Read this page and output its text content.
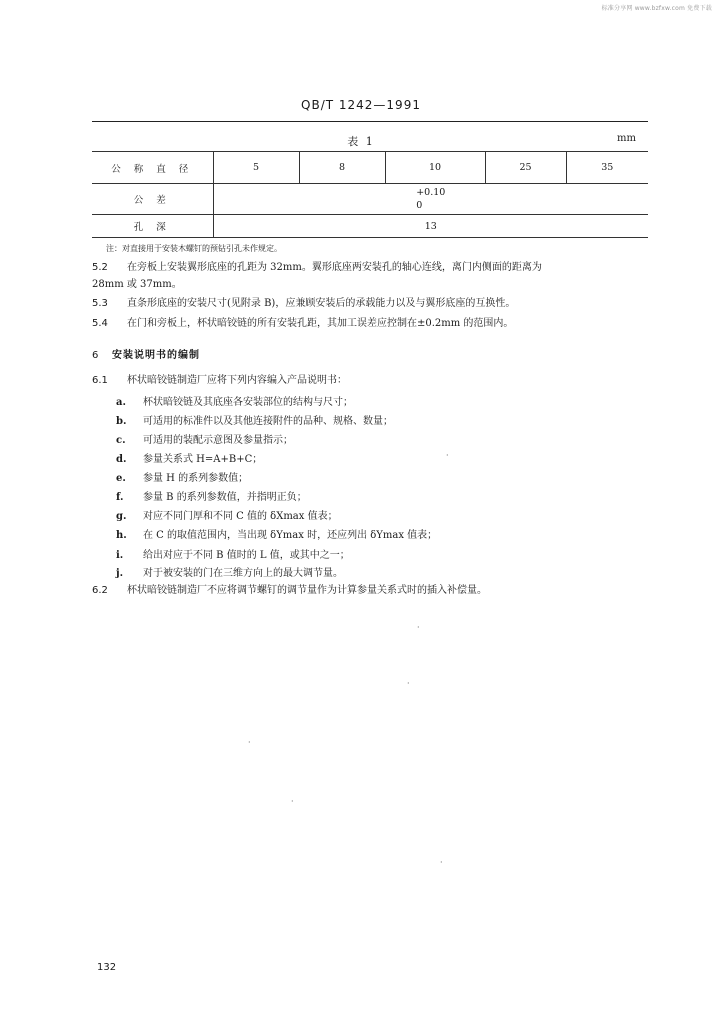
标准分享网 www.bzfxw.com 免费下载
QB/T 1242—1991
表 1	mm
公 称 直 径	5	8	10	25	35
公 差	+0.10
0				
孔 深	13				
注：对直接用于安装木螺钉的预钻引孔未作规定。
5.2 在旁板上安装翼形底座的孔距为 32mm。翼形底座两安装孔的轴心连线，离门内侧面的距离为
28mm 或 37mm。
5.3 直条形底座的安装尺寸(见附录 B)，应兼顾安装后的承载能力以及与翼形底座的互换性。
5.4 在门和旁板上，杯状暗铰链的所有安装孔距，其加工误差应控制在±0.2mm 的范围内。
6 安装说明书的编制
6.1 杯状暗铰链制造厂应将下列内容编入产品说明书：
a. 杯状暗铰链及其底座各安装部位的结构与尺寸；
b. 可适用的标准件以及其他连接附件的品种、规格、数量；
c. 可适用的装配示意图及参量指示；
d. 参量关系式 H=A+B+C；
e. 参量 H 的系列参数值；
f. 参量 B 的系列参数值，并指明正负；
g. 对应不同门厚和不同 C 值的 δXmax 值表；
h. 在 C 的取值范围内，当出现 δYmax 时，还应列出 δYmax 值表；
i. 给出对应于不同 B 值时的 L 值，或其中之一；
j. 对于被安装的门在三维方向上的最大调节量。
6.2 杯状暗铰链制造厂不应将调节螺钉的调节量作为计算参量关系式时的插入补偿量。
·
·
·
·
·
·
132
